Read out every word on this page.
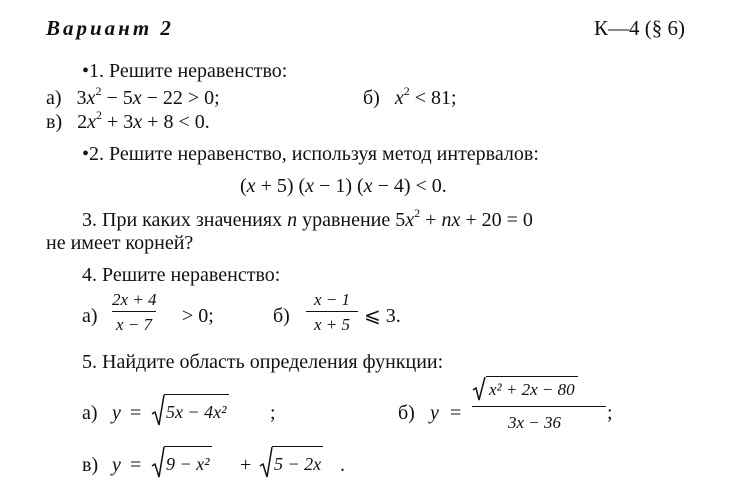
Вариант 2	К—4 (§ 6)
•1. Решите неравенство:
а) $3x^2 - 5x - 22 > 0$;	б) $x^2 < 81$;
в) $2x^2 + 3x + 8 < 0$.
•2. Решите неравенство, используя метод интервалов:
(x + 5) (x − 1) (x − 4) < 0.
3. При каких значениях n уравнение $5x^2$ + nx + 20 = 0
не имеет корней?
4. Решите неравенство:
а)
2x + 4
x − 7 > 0;	б)
x − 1
x + 5 ⩽ 3.
5. Найдите область определения функции:
а) y = 5x − 4x² ;	б) y =
x² + 2x − 80
3x − 36 ;
в) y = 9 − x² + 5 − 2x .
